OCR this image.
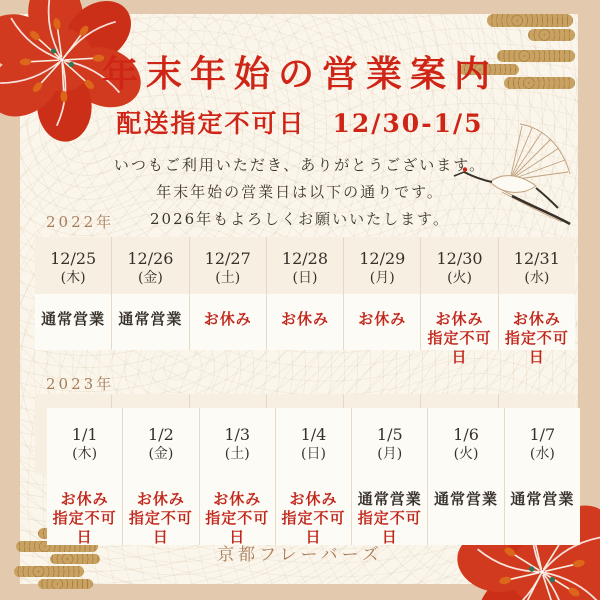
年末年始の営業案内
配送指定不可日　12/30-1/5
いつもご利用いただき、ありがとうございます。
年末年始の営業日は以下の通りです。
2026年もよろしくお願いいたします。
2022年
12/25
(木)
通常営業
12/26
(金)
通常営業
12/27
(土)
お休み
12/28
(日)
お休み
12/29
(月)
お休み
12/30
(火)
お休み
指定不可日
12/31
(水)
お休み
指定不可日
2023年
1/1
(木)
お休み
指定不可日
1/2
(金)
お休み
指定不可日
1/3
(土)
お休み
指定不可日
1/4
(日)
お休み
指定不可日
1/5
(月)
通常営業
指定不可日
1/6
(火)
通常営業
1/7
(水)
通常営業
京都フレーバーズ
